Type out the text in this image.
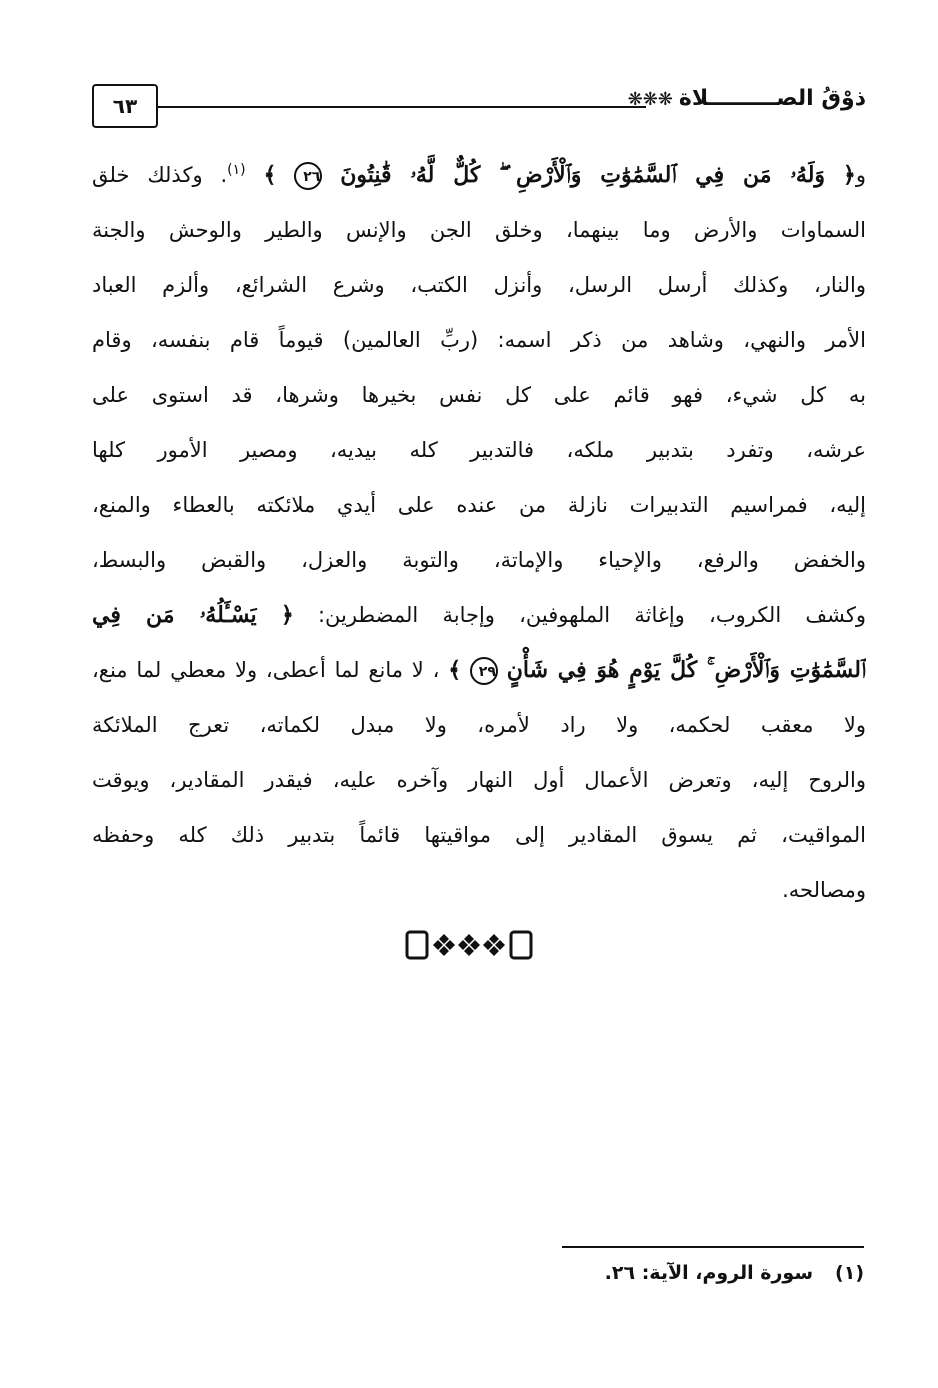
٦٣	ذوْقُ الصـــــــــلاة❋❋❋
و﴿ وَلَهُۥ مَن فِي ٱلسَّمَٰوَٰتِ وَٱلْأَرْضِ ۖ كُلٌّ لَّهُۥ قَٰنِتُونَ ٢٦ ﴾ $^{(١)}$. وكذلك خلق
السماوات والأرض وما بينهما، وخلق الجن والإنس والطير والوحش والجنة
والنار، وكذلك أرسل الرسل، وأنزل الكتب، وشرع الشرائع، وألزم العباد
الأمر والنهي، وشاهد من ذكر اسمه: (ربِّ العالمين) قيوماً قام بنفسه، وقام
به كل شيء، فهو قائم على كل نفس بخيرها وشرها، قد استوى على
عرشه، وتفرد بتدبير ملكه، فالتدبير كله بيديه، ومصير الأمور كلها
إليه، فمراسيم التدبيرات نازلة من عنده على أيدي ملائكته بالعطاء والمنع،
والخفض والرفع، والإحياء والإماتة، والتوبة والعزل، والقبض والبسط،
وكشف الكروب، وإغاثة الملهوفين، وإجابة المضطرين: ﴿ يَسْـَٔلُهُۥ مَن فِي
ٱلسَّمَٰوَٰتِ وَٱلْأَرْضِ ۚ كُلَّ يَوْمٍ هُوَ فِي شَأْنٍ ٢٩ ﴾ ، لا مانع لما أعطى، ولا معطي لما منع،
ولا معقب لحكمه، ولا راد لأمره، ولا مبدل لكماته، تعرج الملائكة
والروح إليه، وتعرض الأعمال أول النهار وآخره عليه، فيقدر المقادير، ويوقت
المواقيت، ثم يسوق المقادير إلى مواقيتها قائماً بتدبير ذلك كله وحفظه
ومصالحه.
(١)سورة الروم، الآية: ٢٦.
